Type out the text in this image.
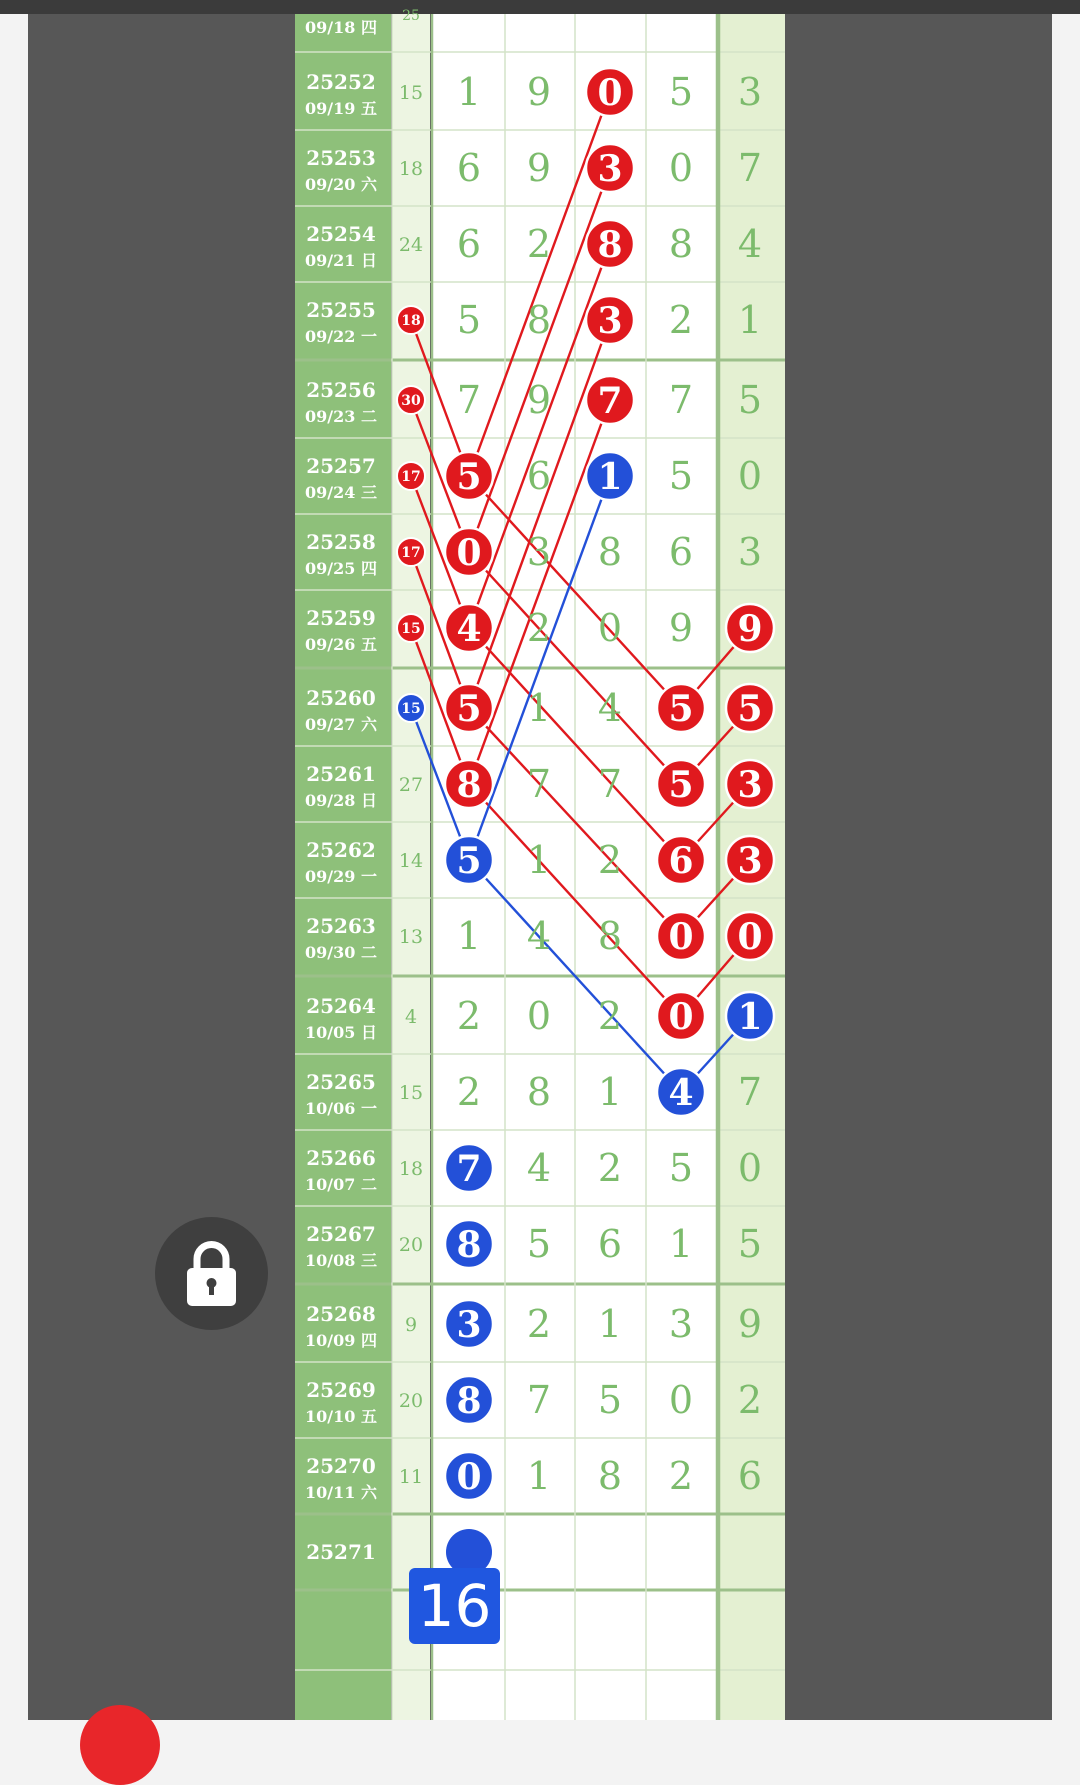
09/18 四
25
25252
09/19 五
15 1 9 0 5 3
25253
09/20 六
18 6 9 3 0 7
25254
09/21 日
24 6 2 8 8 4
25255
09/22 一
18 5 8 3 2 1
25256
09/23 二
30 7 9 7 7 5
25257
09/24 三
17 5 6 1 5 0
25258
09/25 四
17 0 3 8 6 3
25259
09/26 五
15 4 2 0 9 9
25260
09/27 六
15 5 1 4 5 5
25261
09/28 日
27 8 7 7 5 3
25262
09/29 一
14 5 1 2 6 3
25263
09/30 二
13 1 4 8 0 0
25264
10/05 日
4 2 0 2 0 1
25265
10/06 一
15 2 8 1 4 7
25266
10/07 二
18 7 4 2 5 0
25267
10/08 三
20 8 5 6 1 5
25268
10/09 四
9 3 2 1 3 9
25269
10/10 五
20 8 7 5 0 2
25270
10/11 六
11 0 1 8 2 6
25271
16
